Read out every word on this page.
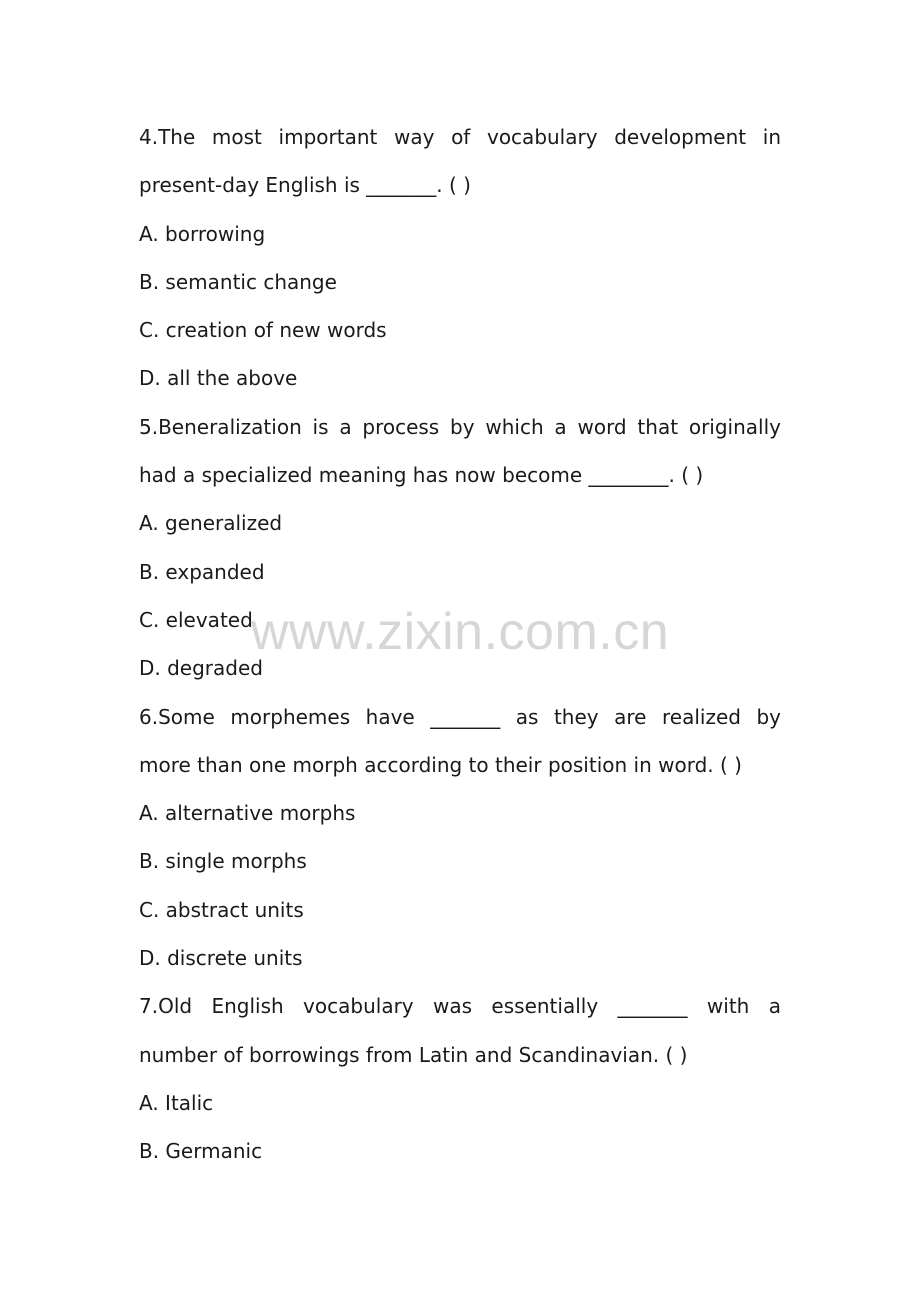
4.The most important way of vocabulary development in
present-day English is _______. ( )
A. borrowing
B. semantic change
C. creation of new words
D. all the above
5.Beneralization is a process by which a word that originally
had a specialized meaning has now become ________. ( )
A. generalized
B. expanded
C. elevated
D. degraded
6.Some morphemes have _______ as they are realized by
more than one morph according to their position in word. ( )
A. alternative morphs
B. single morphs
C. abstract units
D. discrete units
7.Old English vocabulary was essentially _______ with a
number of borrowings from Latin and Scandinavian. ( )
A. Italic
B. Germanic
www.zixin.com.cn
